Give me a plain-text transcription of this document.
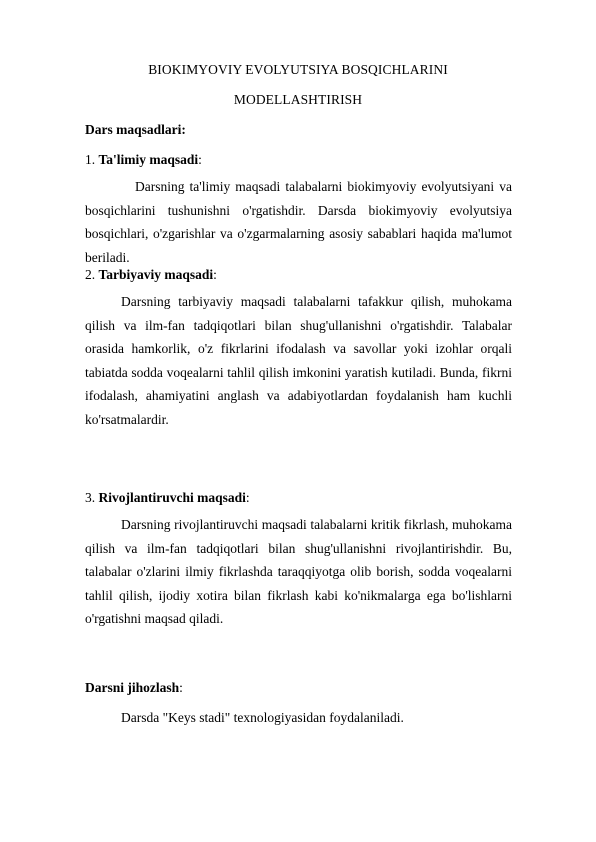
BIOKIMYOVIY EVOLYUTSIYA BOSQICHLARINI
MODELLASHTIRISH
Dars maqsadlari:
1. Ta'limiy maqsadi:
Darsning ta'limiy maqsadi talabalarni biokimyoviy evolyutsiyani va bosqichlarini tushunishni o'rgatishdir. Darsda biokimyoviy evolyutsiya bosqichlari, o'zgarishlar va o'zgarmalarning asosiy sabablari haqida ma'lumot beriladi.
2. Tarbiyaviy maqsadi:
Darsning tarbiyaviy maqsadi talabalarni tafakkur qilish, muhokama qilish va ilm-fan tadqiqotlari bilan shug'ullanishni o'rgatishdir. Talabalar orasida hamkorlik, o'z fikrlarini ifodalash va savollar yoki izohlar orqali tabiatda sodda voqealarni tahlil qilish imkonini yaratish kutiladi. Bunda, fikrni ifodalash, ahamiyatini anglash va adabiyotlardan foydalanish ham kuchli ko'rsatmalardir.
3. Rivojlantiruvchi maqsadi:
Darsning rivojlantiruvchi maqsadi talabalarni kritik fikrlash, muhokama qilish va ilm-fan tadqiqotlari bilan shug'ullanishni rivojlantirishdir. Bu, talabalar o'zlarini ilmiy fikrlashda taraqqiyotga olib borish, sodda voqealarni tahlil qilish, ijodiy xotira bilan fikrlash kabi ko'nikmalarga ega bo'lishlarni o'rgatishni maqsad qiladi.
Darsni jihozlash:
Darsda "Keys stadi" texnologiyasidan foydalaniladi.
